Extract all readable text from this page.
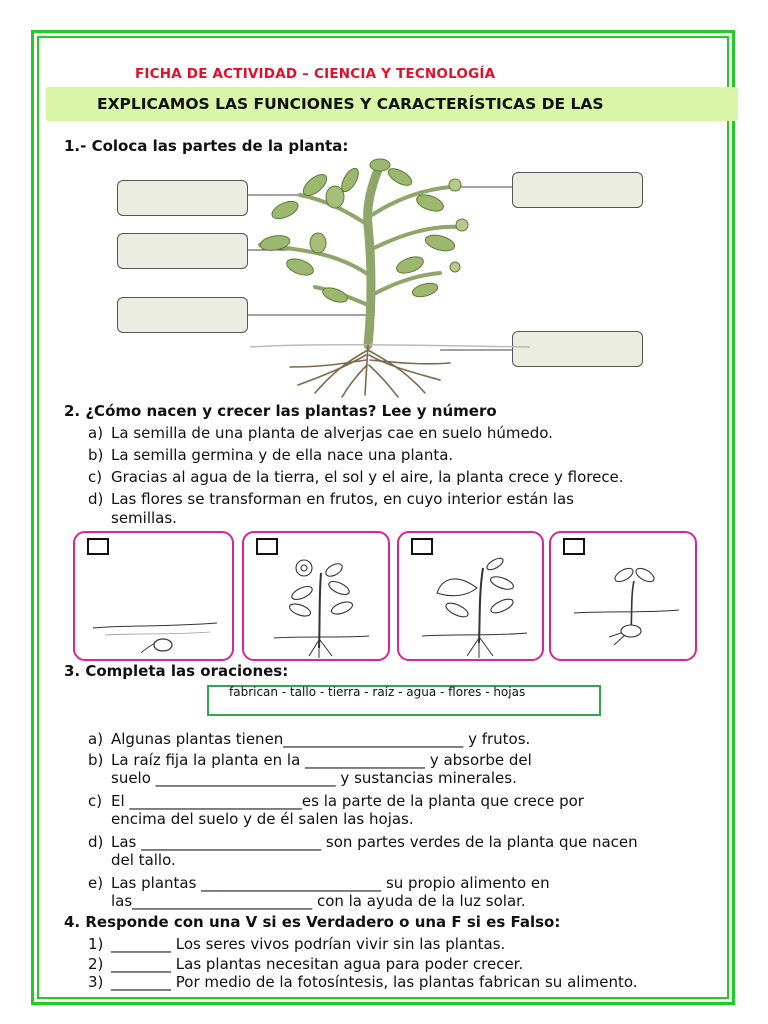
FICHA DE ACTIVIDAD – CIENCIA Y TECNOLOGÍA
EXPLICAMOS LAS FUNCIONES Y CARACTERÍSTICAS DE LAS
1.- Coloca las partes de la planta:
2. ¿Cómo nacen y crecer las plantas? Lee y número
a) La semilla de una planta de alverjas cae en suelo húmedo.
b) La semilla germina y de ella nace una planta.
c) Gracias al agua de la tierra, el sol y el aire, la planta crece y florece.
d) Las flores se transforman en frutos, en cuyo interior están las
semillas.
3. Completa las oraciones:
fabrican - tallo - tierra - raíz - agua - flores - hojas
a) Algunas plantas tienen________________________ y frutos.
b) La raíz fija la planta en la ________________ y absorbe del
suelo ________________________ y sustancias minerales.
c) El _______________________es la parte de la planta que crece por
encima del suelo y de él salen las hojas.
d) Las ________________________ son partes verdes de la planta que nacen
del tallo.
e) Las plantas ________________________ su propio alimento en
las________________________ con la ayuda de la luz solar.
4. Responde con una V si es Verdadero o una F si es Falso:
1) ________ Los seres vivos podrían vivir sin las plantas.
2) ________ Las plantas necesitan agua para poder crecer.
3) ________ Por medio de la fotosíntesis, las plantas fabrican su alimento.
